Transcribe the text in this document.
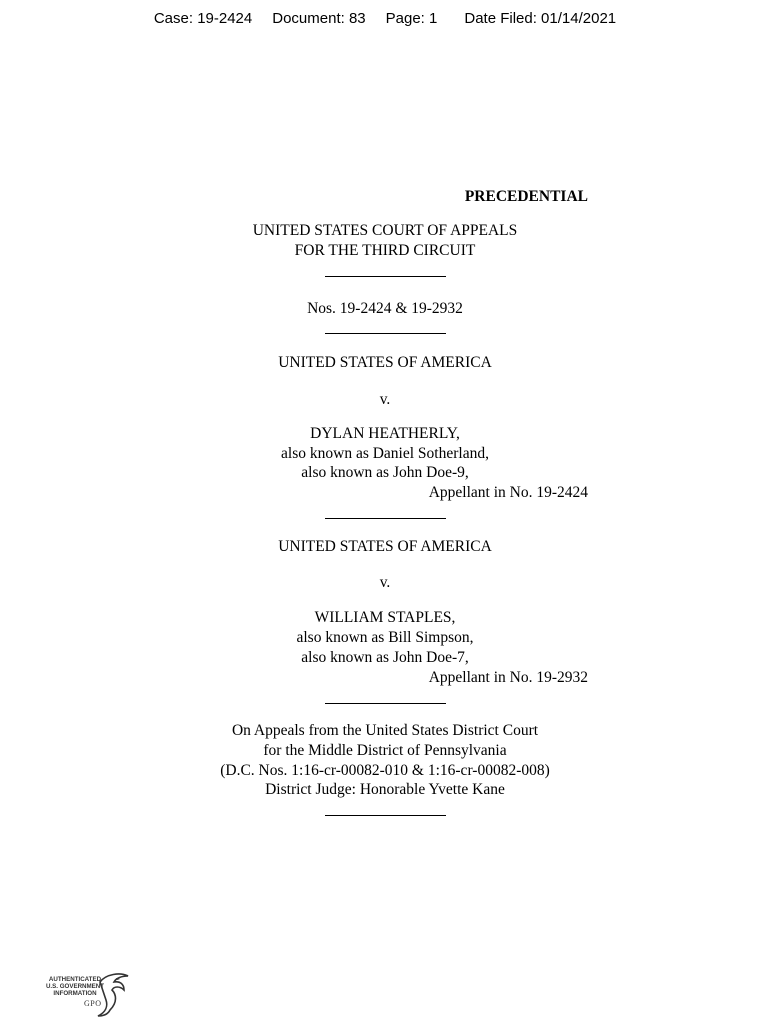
Case: 19-2424 Document: 83 Page: 1 Date Filed: 01/14/2021
PRECEDENTIAL
UNITED STATES COURT OF APPEALS
FOR THE THIRD CIRCUIT
Nos. 19-2424 & 19-2932
UNITED STATES OF AMERICA
v.
DYLAN HEATHERLY,
also known as Daniel Sotherland,
also known as John Doe-9,
Appellant in No. 19-2424
UNITED STATES OF AMERICA
v.
WILLIAM STAPLES,
also known as Bill Simpson,
also known as John Doe-7,
Appellant in No. 19-2932
On Appeals from the United States District Court
for the Middle District of Pennsylvania
(D.C. Nos. 1:16-cr-00082-010 & 1:16-cr-00082-008)
District Judge: Honorable Yvette Kane
AUTHENTICATED
U.S. GOVERNMENT
INFORMATION
GPO
